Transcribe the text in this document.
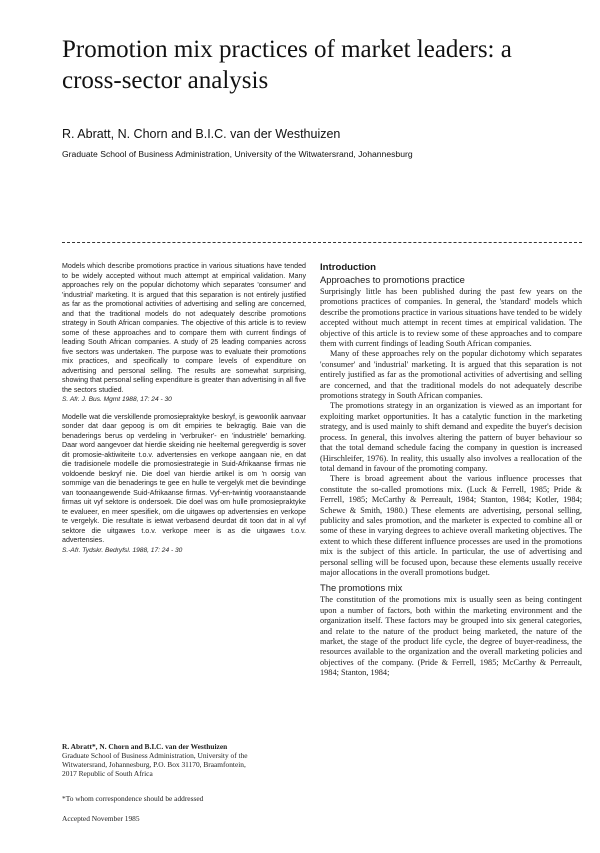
Promotion mix practices of market leaders: a cross-sector analysis
R. Abratt, N. Chorn and B.I.C. van der Westhuizen
Graduate School of Business Administration, University of the Witwatersrand, Johannesburg

Models which describe promotions practice in various situations have tended to be widely accepted without much attempt at empirical validation. Many approaches rely on the popular dichotomy which separates 'consumer' and 'industrial' marketing. It is argued that this separation is not entirely justified as far as the promotional activities of advertising and selling are concerned, and that the traditional models do not adequately describe promotions strategy in South African companies. The objective of this article is to review some of these approaches and to compare them with current findings of leading South African companies. A study of 25 leading companies across five sectors was undertaken. The purpose was to evaluate their promotions mix practices, and specifically to compare levels of expenditure on advertising and personal selling. The results are somewhat surprising, showing that personal selling expenditure is greater than advertising in all five the sectors studied.

S. Afr. J. Bus. Mgmt 1988, 17: 24 - 30

Modelle wat die verskillende promosiepraktyke beskryf, is gewoonlik aanvaar sonder dat daar gepoog is om dit empiries te bekragtig. Baie van die benaderings berus op verdeling in 'verbruiker'- en 'industriële' bemarking. Daar word aangevoer dat hierdie skeiding nie heeltemal geregverdig is sover dit promosie-aktiwiteite t.o.v. advertensies en verkope aangaan nie, en dat die tradisionele modelle die promosiestrategie in Suid-Afrikaanse firmas nie voldoende beskryf nie. Die doel van hierdie artikel is om 'n oorsig van sommige van die benaderings te gee en hulle te vergelyk met die bevindinge van toonaangewende Suid-Afrikaanse firmas. Vyf-en-twintig vooraanstaande firmas uit vyf sektore is ondersoek. Die doel was om hulle promosiepraktyke te evalueer, en meer spesifiek, om die uitgawes op advertensies en verkope te vergelyk. Die resultate is ietwat verbasend deurdat dit toon dat in al vyf sektore die uitgawes t.o.v. verkope meer is as die uitgawes t.o.v. advertensies.

S.-Afr. Tydskr. Bedryfsl. 1988, 17: 24 - 30

R. Abratt*, N. Chorn and B.I.C. van der Westhuizen
Graduate School of Business Administration, University of the
Witwatersrand, Johannesburg, P.O. Box 31170, Braamfontein,
2017 Republic of South Africa
*To whom correspondence should be addressed
Accepted November 1985
Introduction
Approaches to promotions practice

Surprisingly little has been published during the past few years on the promotions practices of companies. In general, the 'standard' models which describe the promotions practice in various situations have tended to be widely accepted without much attempt in recent times at empirical validation. The objective of this article is to review some of these approaches and to compare them with current findings of leading South African companies.

Many of these approaches rely on the popular dichotomy which separates 'consumer' and 'industrial' marketing. It is argued that this separation is not entirely justified as far as the promotional activities of advertising and selling are concerned, and that the traditional models do not adequately describe promotions strategy in South African companies.

The promotions strategy in an organization is viewed as an important for exploiting market opportunities. It has a catalytic function in the marketing strategy, and is used mainly to shift demand and expedite the buyer's decision process. In general, this involves altering the pattern of buyer behaviour so that the total demand schedule facing the company in question is increased (Hirschleifer, 1976). In reality, this usually also involves a reallocation of the total demand in favour of the promoting company.

There is broad agreement about the various influence processes that constitute the so-called promotions mix. (Luck & Ferrell, 1985; Pride & Ferrell, 1985; McCarthy & Perreault, 1984; Stanton, 1984; Kotler, 1984; Schewe & Smith, 1980.) These elements are advertising, personal selling, publicity and sales promotion, and the marketer is expected to combine all or some of these in varying degrees to achieve overall marketing objectives. The extent to which these different influence processes are used in the promotions mix is the subject of this article. In particular, the use of advertising and personal selling will be focused upon, because these elements usually receive major allocations in the overall promotions budget.

The promotions mix

The constitution of the promotions mix is usually seen as being contingent upon a number of factors, both within the marketing environment and the organization itself. These factors may be grouped into six general categories, and relate to the nature of the product being marketed, the nature of the market, the stage of the product life cycle, the degree of buyer-readiness, the resources available to the organization and the overall marketing policies and objectives of the company. (Pride & Ferrell, 1985; McCarthy & Perreault, 1984; Stanton, 1984;
